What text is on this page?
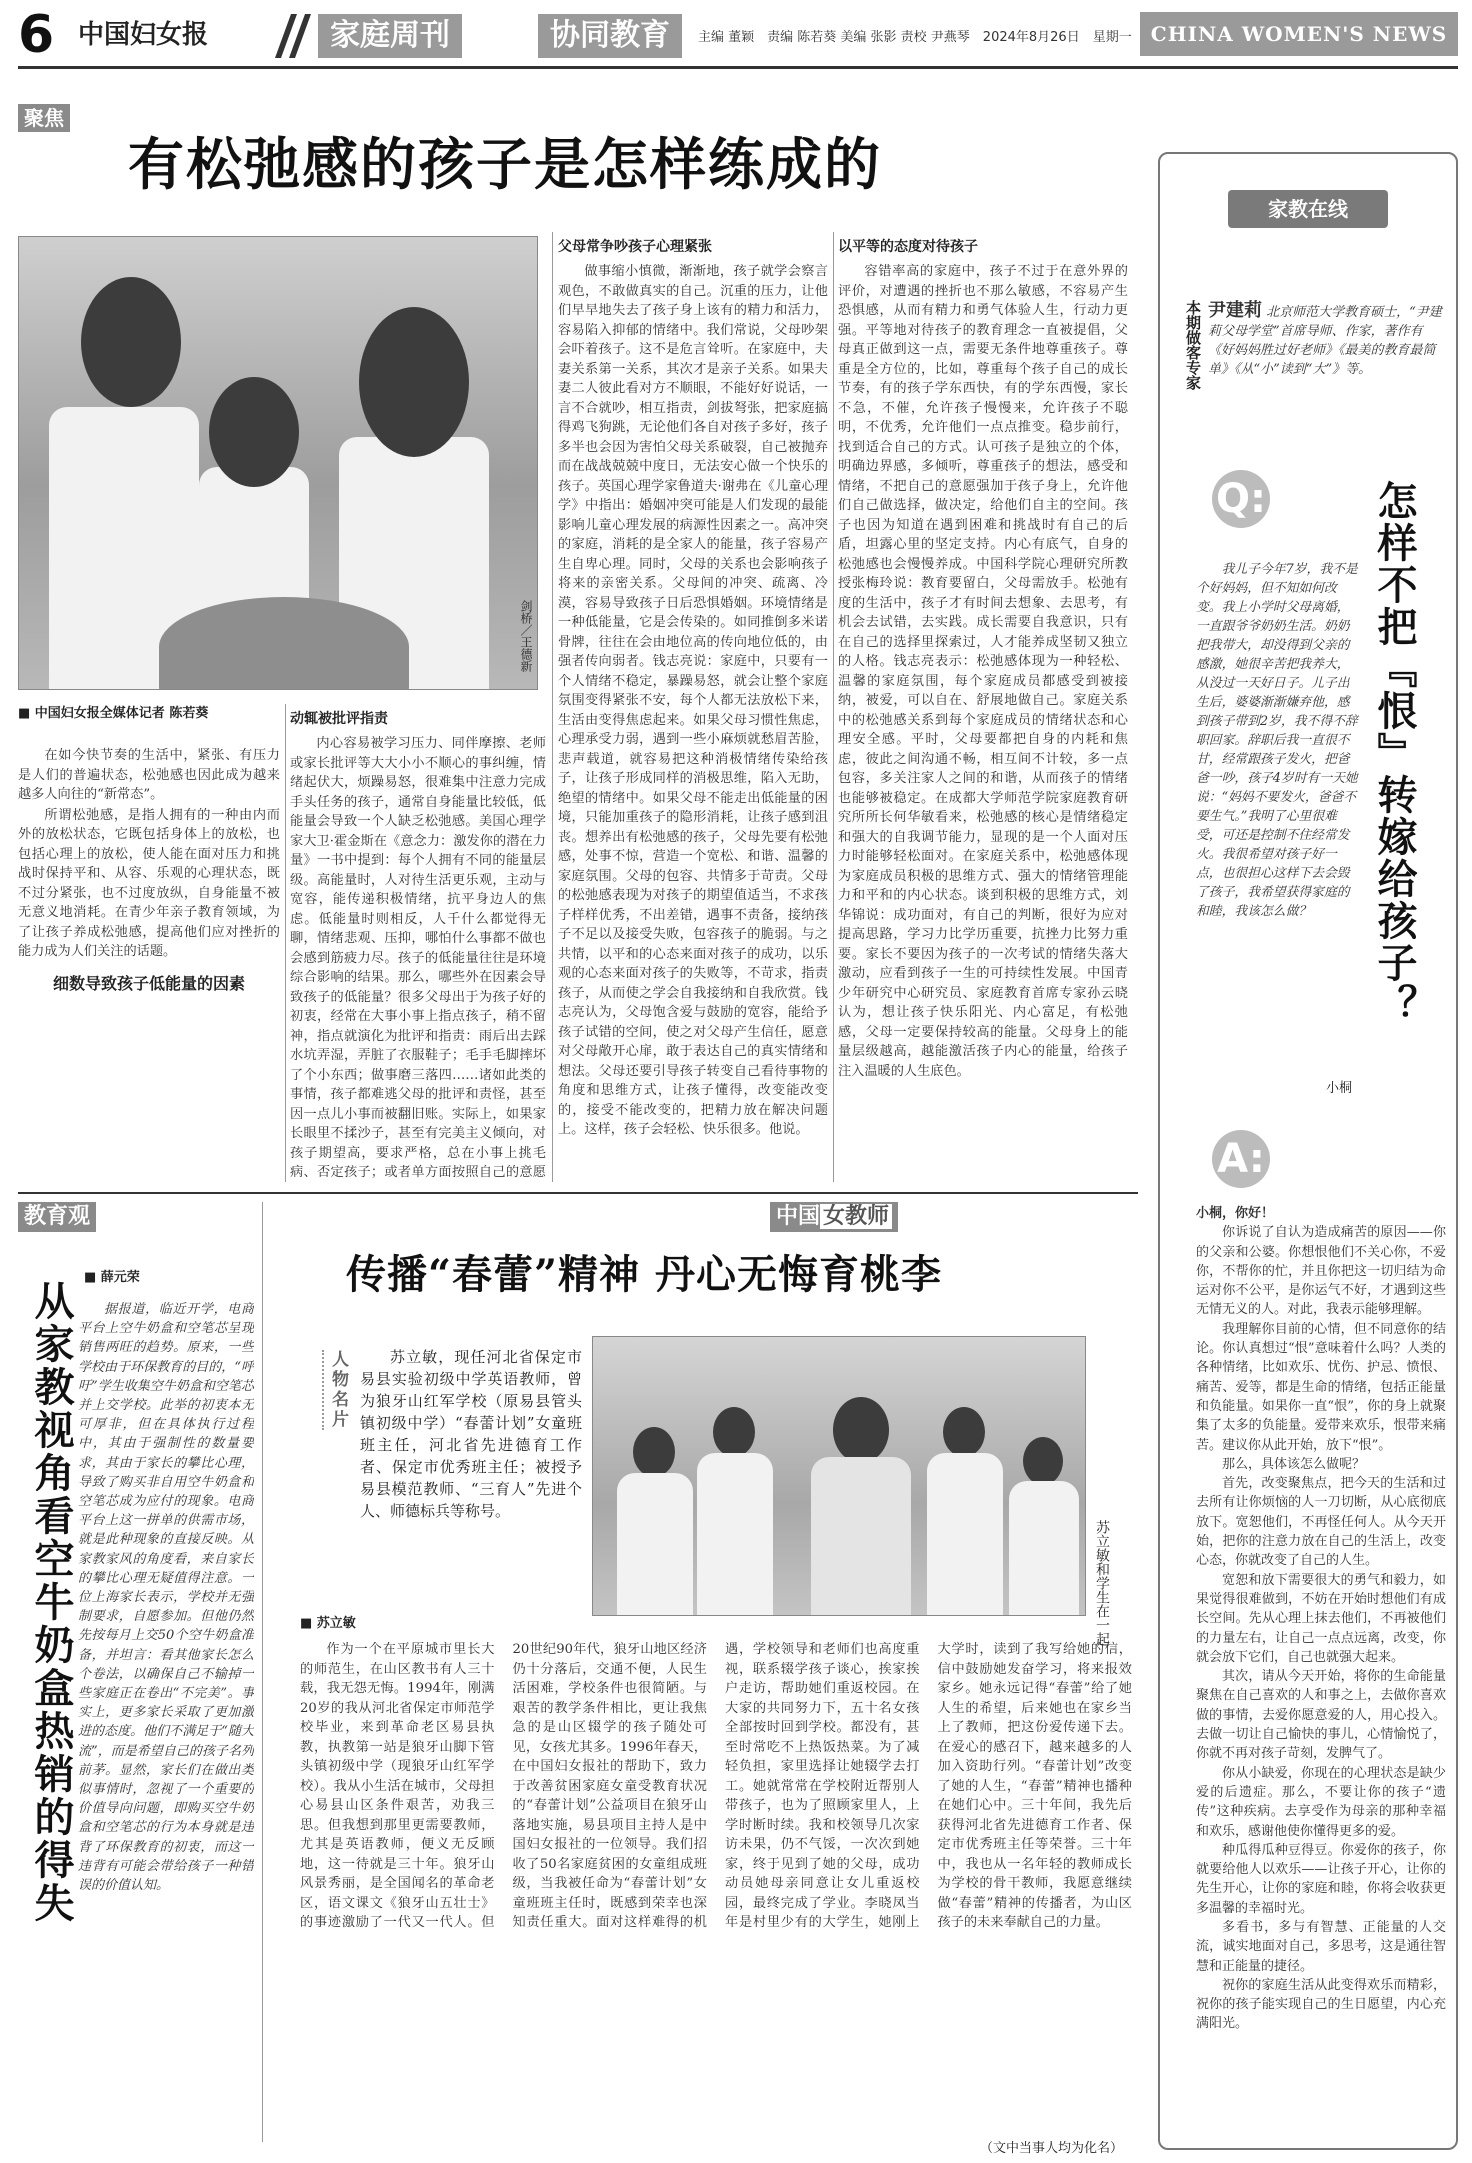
6 中国妇女报	家庭周刊	协同教育	主编 董颖　责编 陈若葵 美编 张影 责校 尹燕琴　2024年8月26日　星期一 CHINA WOMEN'S NEWS
聚焦
有松弛感的孩子是怎样练成的
剑桥／王德新
■ 中国妇女报全媒体记者 陈若葵

在如今快节奏的生活中，紧张、有压力是人们的普遍状态，松弛感也因此成为越来越多人向往的“新常态”。

所谓松弛感，是指人拥有的一种由内而外的放松状态，它既包括身体上的放松，也包括心理上的放松，使人能在面对压力和挑战时保持平和、从容、乐观的心理状态，既不过分紧张，也不过度放纵，自身能量不被无意义地消耗。在青少年亲子教育领域，为了让孩子养成松弛感，提高他们应对挫折的能力成为人们关注的话题。

细数导致孩子低能量的因素
动辄被批评指责
内心容易被学习压力、同伴摩擦、老师或家长批评等大大小小不顺心的事纠缠，情绪起伏大，烦躁易怒，很难集中注意力完成手头任务的孩子，通常自身能量比较低，低能量会导致一个人缺乏松弛感。美国心理学家大卫·霍金斯在《意念力：激发你的潜在力量》一书中提到：每个人拥有不同的能量层级。高能量时，人对待生活更乐观，主动与宽容，能传递积极情绪，抗平身边人的焦虑。低能量时则相反，人千什么都觉得无聊，情绪悲观、压抑，哪怕什么事都不做也会感到筋疲力尽。孩子的低能量往往是环境综合影响的结果。那么，哪些外在因素会导致孩子的低能量？很多父母出于为孩子好的初衷，经常在大事小事上指点孩子，稍不留神，指点就演化为批评和指责：雨后出去踩水坑弄湿，弄脏了衣服鞋子；毛手毛脚摔坏了个小东西；做事磨三落四……诸如此类的事情，孩子都难逃父母的批评和责怪，甚至因一点儿小事而被翻旧账。实际上，如果家长眼里不揉沙子，甚至有完美主义倾向，对孩子期望高，要求严格，总在小事上挑毛病、否定孩子；或者单方面按照自己的意愿
父母常争吵孩子心理紧张
做事缩小慎微，渐渐地，孩子就学会察言观色，不敢做真实的自己。沉重的压力，让他们早早地失去了孩子身上该有的精力和活力，容易陷入抑郁的情绪中。我们常说，父母吵架会吓着孩子。这不是危言耸听。在家庭中，夫妻关系第一关系，其次才是亲子关系。如果夫妻二人彼此看对方不顺眼，不能好好说话，一言不合就吵，相互指责，剑拔弩张，把家庭搞得鸡飞狗跳，无论他们各自对孩子多好，孩子多半也会因为害怕父母关系破裂，自己被抛弃而在战战兢兢中度日，无法安心做一个快乐的孩子。英国心理学家鲁道夫·谢弗在《儿童心理学》中指出：婚姻冲突可能是人们发现的最能影响儿童心理发展的病源性因素之一。高冲突的家庭，消耗的是全家人的能量，孩子容易产生自卑心理。同时，父母的关系也会影响孩子将来的亲密关系。父母间的冲突、疏离、冷漠，容易导致孩子日后恐惧婚姻。环境情绪是一种低能量，它是会传染的。如同推倒多米诺骨牌，往往在会由地位高的传向地位低的，由强者传向弱者。钱志亮说：家庭中，只要有一个人情绪不稳定，暴躁易怒，就会让整个家庭氛围变得紧张不安，每个人都无法放松下来，生活由变得焦虑起来。如果父母习惯性焦虑，心理承受力弱，遇到一些小麻烦就愁眉苦脸，悲声载道，就容易把这种消极情绪传染给孩子，让孩子形成同样的消极思维，陷入无助，绝望的情绪中。如果父母不能走出低能量的困境，只能加重孩子的隐形消耗，让孩子感到沮丧。想养出有松弛感的孩子，父母先要有松弛感，处事不惊，营造一个宽松、和谐、温馨的家庭氛围。父母的包容、共情多于苛责。父母的松弛感表现为对孩子的期望值适当，不求孩子样样优秀，不出差错，遇事不责备，接纳孩子不足以及接受失败，包容孩子的脆弱。与之共情，以平和的心态来面对孩子的成功，以乐观的心态来面对孩子的失败等，不苛求，指责孩子，从而使之学会自我接纳和自我欣赏。钱志亮认为，父母饱含爱与鼓励的宽容，能给予孩子试错的空间，使之对父母产生信任，愿意对父母敞开心扉，敢于表达自己的真实情绪和想法。父母还要引导孩子转变自己看待事物的角度和思维方式，让孩子懂得，改变能改变的，接受不能改变的，把精力放在解决问题上。这样，孩子会轻松、快乐很多。他说。
以平等的态度对待孩子
容错率高的家庭中，孩子不过于在意外界的评价，对遭遇的挫折也不那么敏感，不容易产生恐惧感，从而有精力和勇气体验人生，行动力更强。平等地对待孩子的教育理念一直被提倡，父母真正做到这一点，需要无条件地尊重孩子。尊重是全方位的，比如，尊重每个孩子自己的成长节奏，有的孩子学东西快，有的学东西慢，家长不急，不催，允许孩子慢慢来，允许孩子不聪明，不优秀，允许他们一点点推变。稳步前行，找到适合自己的方式。认可孩子是独立的个体，明确边界感，多倾听，尊重孩子的想法，感受和情绪，不把自己的意愿强加于孩子身上，允许他们自己做选择，做决定，给他们自主的空间。孩子也因为知道在遇到困难和挑战时有自己的后盾，坦露心里的坚定支持。内心有底气，自身的松弛感也会慢慢养成。中国科学院心理研究所教授张梅玲说：教育要留白，父母需放手。松弛有度的生活中，孩子才有时间去想象、去思考，有机会去试错，去实践。成长需要自我意识，只有在自己的选择里探索过，人才能养成坚韧又独立的人格。钱志亮表示：松弛感体现为一种轻松、温馨的家庭氛围，每个家庭成员都感受到被接纳，被爱，可以自在、舒展地做自己。家庭关系中的松弛感关系到每个家庭成员的情绪状态和心理安全感。平时，父母要都把自身的内耗和焦虑，彼此之间沟通不畅，相互间不计较，多一点包容，多关注家人之间的和谐，从而孩子的情绪也能够被稳定。在成都大学师范学院家庭教育研究所所长何华敏看来，松弛感的核心是情绪稳定和强大的自我调节能力，显现的是一个人面对压力时能够轻松面对。在家庭关系中，松弛感体现为家庭成员积极的思维方式、强大的情绪管理能力和平和的内心状态。谈到积极的思维方式，刘华锦说：成功面对，有自己的判断，很好为应对提高思路，学习力比学历重要，抗挫力比努力重要。家长不要因为孩子的一次考试的情绪失落大激动，应看到孩子一生的可持续性发展。中国青少年研究中心研究员、家庭教育首席专家孙云晓认为，想让孩子快乐阳光、内心富足，有松弛感，父母一定要保持较高的能量。父母身上的能量层级越高，越能激活孩子内心的能量，给孩子注入温暖的人生底色。
家教在线
本期做客专家 尹建莉 北京师范大学教育硕士，“尹建莉父母学堂”首席导师、作家，著作有《好妈妈胜过好老师》《最美的教育最简单》《从“小”读到“大”》等。
Q:	怎样不把『恨』转嫁给孩子？
我儿子今年7岁，我不是个好妈妈，但不知如何改变。我上小学时父母离婚，一直跟爷爷奶奶生活。奶奶把我带大，却没得到父亲的感激，她很辛苦把我养大，从没过一天好日子。儿子出生后，婆婆渐渐嫌弃他，感到孩子带到2岁，我不得不辞职回家。辞职后我一直很不甘，经常跟孩子发火，把爸爸一吵，孩子4岁时有一天她说：“妈妈不要发火，爸爸不要生气。”我明了心里很难受，可还是控制不住经常发火。我很希望对孩子好一点，也很担心这样下去会毁了孩子，我希望获得家庭的和睦，我该怎么做？
小桐
A:

小桐，你好！

你诉说了自认为造成痛苦的原因——你的父亲和公婆。你想恨他们不关心你，不爱你，不帮你的忙，并且你把这一切归结为命运对你不公平，是你运气不好，才遇到这些无情无义的人。对此，我表示能够理解。

我理解你目前的心情，但不同意你的结论。你认真想过“恨”意味着什么吗？人类的各种情绪，比如欢乐、忧伤、护忌、愤恨、痛苦、爱等，都是生命的情绪，包括正能量和负能量。如果你一直“恨”，你的身上就聚集了太多的负能量。爱带来欢乐，恨带来痛苦。建议你从此开始，放下“恨”。

那么，具体该怎么做呢？

首先，改变聚焦点，把今天的生活和过去所有让你烦恼的人一刀切断，从心底彻底放下。宽恕他们，不再怪任何人。从今天开始，把你的注意力放在自己的生活上，改变心态，你就改变了自己的人生。

宽恕和放下需要很大的勇气和毅力，如果觉得很难做到，不妨在开始时想他们有成长空间。先从心理上抹去他们，不再被他们的力量左右，让自己一点点远离，改变，你就会放下它们，自己也就强大起来。

其次，请从今天开始，将你的生命能量聚焦在自己喜欢的人和事之上，去做你喜欢做的事情，去爱你愿意爱的人，用心投入。去做一切让自己愉快的事儿，心情愉悦了，你就不再对孩子苛刻，发脾气了。

你从小缺爱，你现在的心理状态是缺少爱的后遗症。那么，不要让你的孩子“遗传”这种疾病。去享受作为母亲的那种幸福和欢乐，感谢他使你懂得更多的爱。

种瓜得瓜种豆得豆。你爱你的孩子，你就要给他人以欢乐——让孩子开心，让你的先生开心，让你的家庭和睦，你将会收获更多温馨的幸福时光。

多看书，多与有智慧、正能量的人交流，诚实地面对自己，多思考，这是通往智慧和正能量的捷径。

祝你的家庭生活从此变得欢乐而精彩，祝你的孩子能实现自己的生日愿望，内心充满阳光。

教育观
从家教视角看空牛奶盒热销的得失
■ 薛元荣
据报道，临近开学，电商平台上空牛奶盒和空笔芯呈现销售两旺的趋势。原来，一些学校由于环保教育的目的，“呼吁”学生收集空牛奶盒和空笔芯并上交学校。此举的初衷本无可厚非，但在具体执行过程中，其由于强制性的数量要求，其由于家长的攀比心理，导致了购买非自用空牛奶盒和空笔芯成为应付的现象。电商平台上这一拼单的供需市场，就是此种现象的直接反映。从家教家风的角度看，来自家长的攀比心理无疑值得注意。一位上海家长表示，学校并无强制要求，自愿参加。但他仍然先按每月上交50个空牛奶盒准备，并坦言：看其他家长怎么个卷法，以确保自己不输掉一些家庭正在卷出“不完美”。事实上，更多家长采取了更加激进的态度。他们不满足于“随大流”，而是希望自己的孩子名列前茅。显然，家长们在做出类似事情时，忽视了一个重要的价值导向问题，即购买空牛奶盒和空笔芯的行为本身就是违背了环保教育的初衷，而这一违背有可能会带给孩子一种错误的价值认知。
中国 女教师
传播“春蕾”精神 丹心无悔育桃李
人物名片	苏立敏，现任河北省保定市易县实验初级中学英语教师，曾为狼牙山红军学校（原易县管头镇初级中学）“春蕾计划”女童班班主任，河北省先进德育工作者、保定市优秀班主任；被授予易县模范教师、“三育人”先进个人、师德标兵等称号。
苏立敏和学生在一起
■ 苏立敏
作为一个在平原城市里长大的师范生，在山区教书有人三十载，我无怨无悔。1994年，刚满20岁的我从河北省保定市师范学校毕业，来到革命老区易县执教，执教第一站是狼牙山脚下管头镇初级中学（现狼牙山红军学校）。我从小生活在城市，父母担心易县山区条件艰苦，劝我三思。但我想到那里更需要教师，尤其是英语教师，便义无反顾地，这一待就是三十年。狼牙山风景秀丽，是全国闻名的革命老区，语文课文《狼牙山五壮士》的事迹激励了一代又一代人。但20世纪90年代，狼牙山地区经济仍十分落后，交通不便，人民生活困难，学校条件也很简陋。与艰苦的教学条件相比，更让我焦急的是山区辍学的孩子随处可见，女孩尤其多。1996年春天，在中国妇女报社的帮助下，致力于改善贫困家庭女童受教育状况的“春蕾计划”公益项目在狼牙山落地实施，易县项目主持人是中国妇女报社的一位领导。我们招收了50名家庭贫困的女童组成班级，当我被任命为“春蕾计划”女童班班主任时，既感到荣幸也深知责任重大。面对这样难得的机遇，学校领导和老师们也高度重视，联系辍学孩子谈心，挨家挨户走访，帮助她们重返校园。在大家的共同努力下，五十名女孩全部按时回到学校。都没有，甚至时常吃不上热饭热菜。为了减轻负担，家里选择让她辍学去打工。她就常常在学校附近帮别人带孩子，也为了照顾家里人，上学时断时续。我和校领导几次家访未果，仍不气馁，一次次到她家，终于见到了她的父母，成功动员她母亲同意让女儿重返校园，最终完成了学业。李晓凤当年是村里少有的大学生，她刚上大学时，读到了我写给她的信，信中鼓励她发奋学习，将来报效家乡。她永远记得“春蕾”给了她人生的希望，后来她也在家乡当上了教师，把这份爱传递下去。在爱心的感召下，越来越多的人加入资助行列。“春蕾计划”改变了她的人生，“春蕾”精神也播种在她们心中。三十年间，我先后获得河北省先进德育工作者、保定市优秀班主任等荣誉。三十年中，我也从一名年轻的教师成长为学校的骨干教师，我愿意继续做“春蕾”精神的传播者，为山区孩子的未来奉献自己的力量。
（文中当事人均为化名）
